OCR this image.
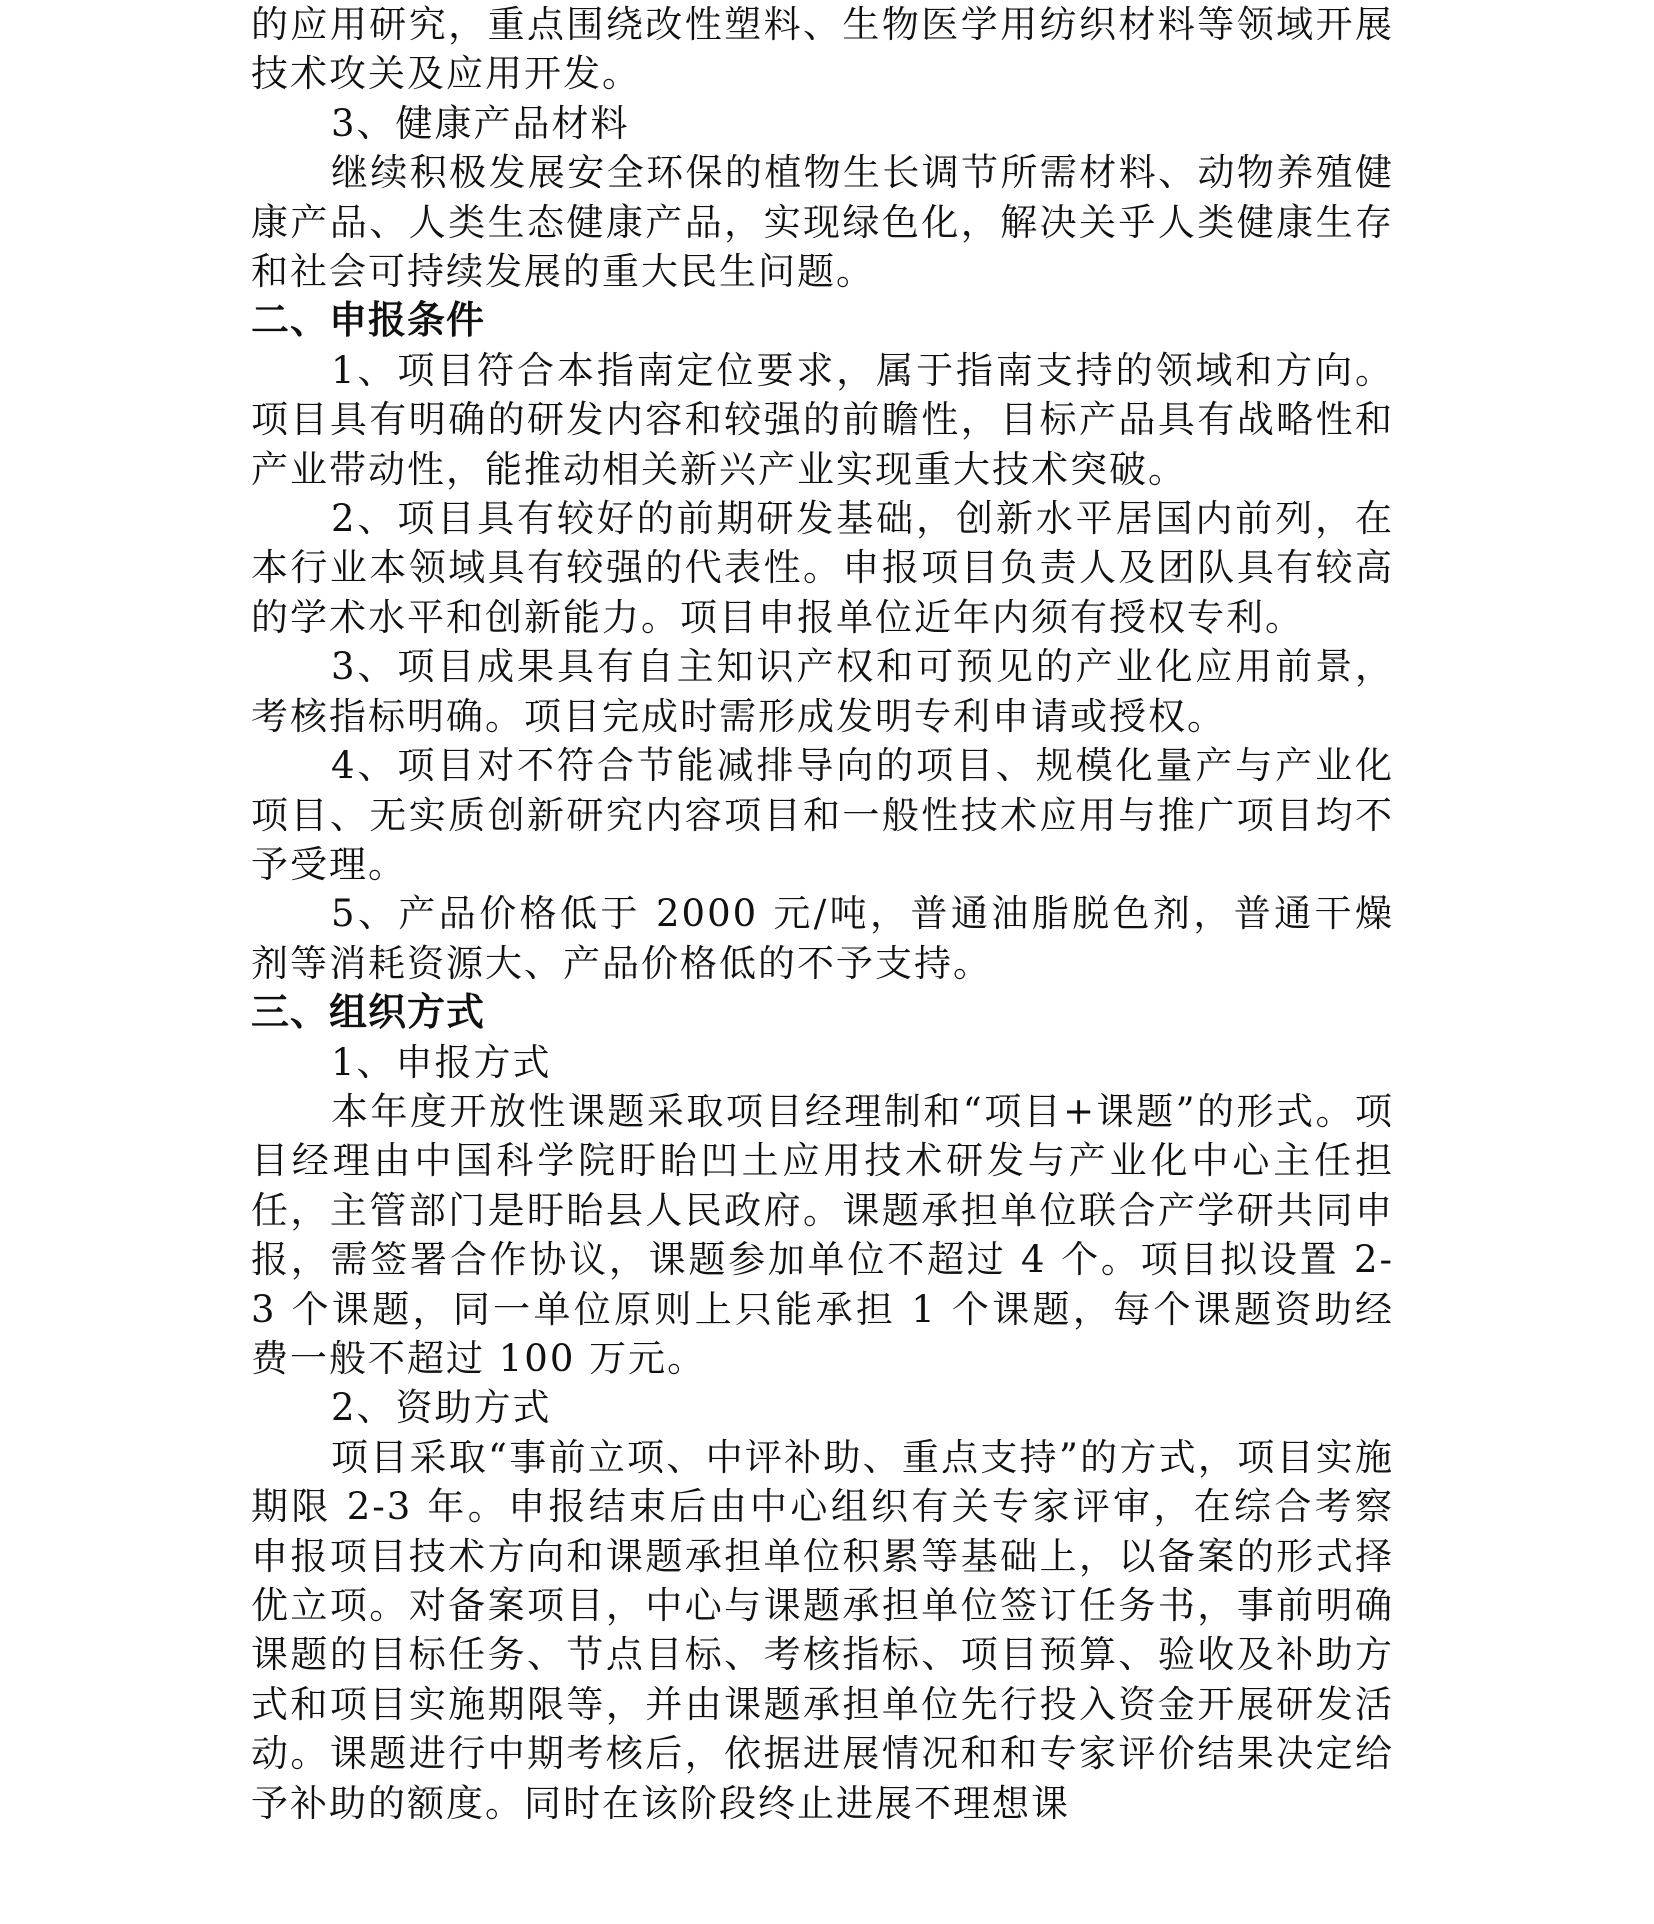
的应用研究，重点围绕改性塑料、生物医学用纺织材料等领域开展技术攻关及应用开发。

3、健康产品材料

继续积极发展安全环保的植物生长调节所需材料、动物养殖健康产品、人类生态健康产品，实现绿色化，解决关乎人类健康生存和社会可持续发展的重大民生问题。

二、申报条件

1、项目符合本指南定位要求，属于指南支持的领域和方向。项目具有明确的研发内容和较强的前瞻性，目标产品具有战略性和产业带动性，能推动相关新兴产业实现重大技术突破。

2、项目具有较好的前期研发基础，创新水平居国内前列，在本行业本领域具有较强的代表性。申报项目负责人及团队具有较高的学术水平和创新能力。项目申报单位近年内须有授权专利。

3、项目成果具有自主知识产权和可预见的产业化应用前景，考核指标明确。项目完成时需形成发明专利申请或授权。

4、项目对不符合节能减排导向的项目、规模化量产与产业化项目、无实质创新研究内容项目和一般性技术应用与推广项目均不予受理。

5、产品价格低于 2000 元/吨，普通油脂脱色剂，普通干燥剂等消耗资源大、产品价格低的不予支持。

三、组织方式

1、申报方式

本年度开放性课题采取项目经理制和“项目+课题”的形式。项目经理由中国科学院盱眙凹土应用技术研发与产业化中心主任担任，主管部门是盱眙县人民政府。课题承担单位联合产学研共同申报，需签署合作协议，课题参加单位不超过 4 个。项目拟设置 2-3 个课题，同一单位原则上只能承担 1 个课题，每个课题资助经费一般不超过 100 万元。

2、资助方式

项目采取“事前立项、中评补助、重点支持”的方式，项目实施期限 2-3 年。申报结束后由中心组织有关专家评审，在综合考察申报项目技术方向和课题承担单位积累等基础上，以备案的形式择优立项。对备案项目，中心与课题承担单位签订任务书，事前明确课题的目标任务、节点目标、考核指标、项目预算、验收及补助方式和项目实施期限等，并由课题承担单位先行投入资金开展研发活动。课题进行中期考核后，依据进展情况和和专家评价结果决定给予补助的额度。同时在该阶段终止进展不理想课
